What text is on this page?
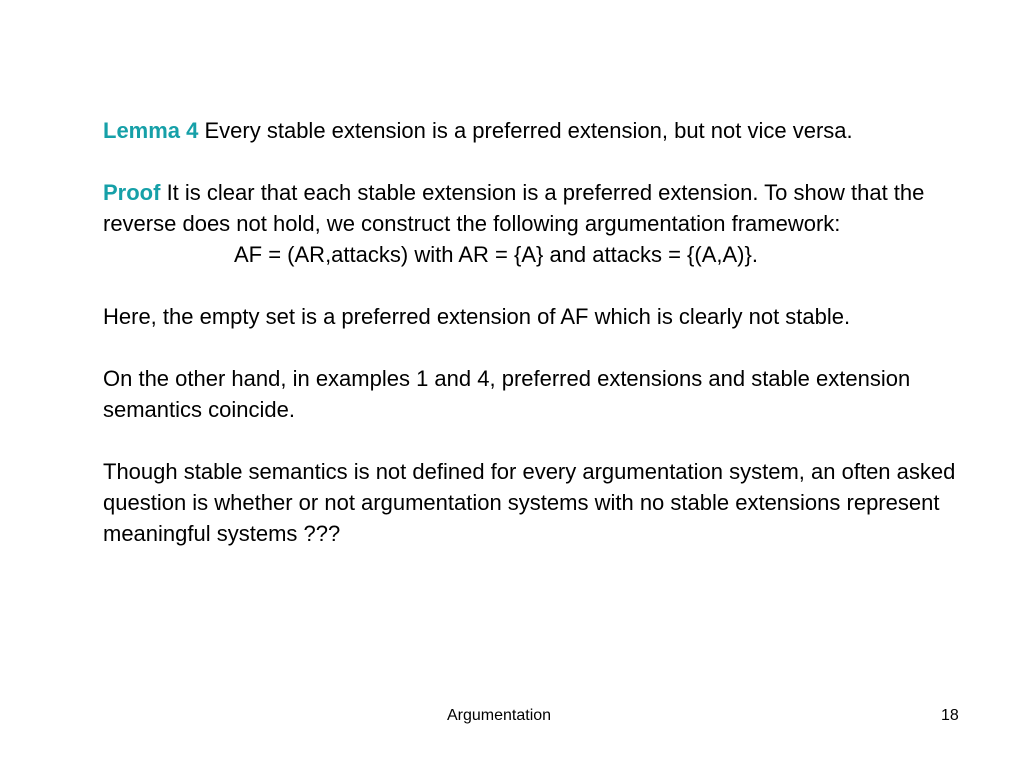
Lemma 4 Every stable extension is a preferred extension, but not vice versa.

Proof It is clear that each stable extension is a preferred extension. To show that the reverse does not hold, we construct the following argumentation framework:

AF = (AR,attacks) with AR = {A} and attacks = {(A,A)}.

Here, the empty set is a preferred extension of AF which is clearly not stable.

On the other hand, in examples 1 and 4, preferred extensions and stable extension semantics coincide.

Though stable semantics is not defined for every argumentation system, an often asked question is whether or not argumentation systems with no stable extensions represent meaningful systems ???

Argumentation	18
